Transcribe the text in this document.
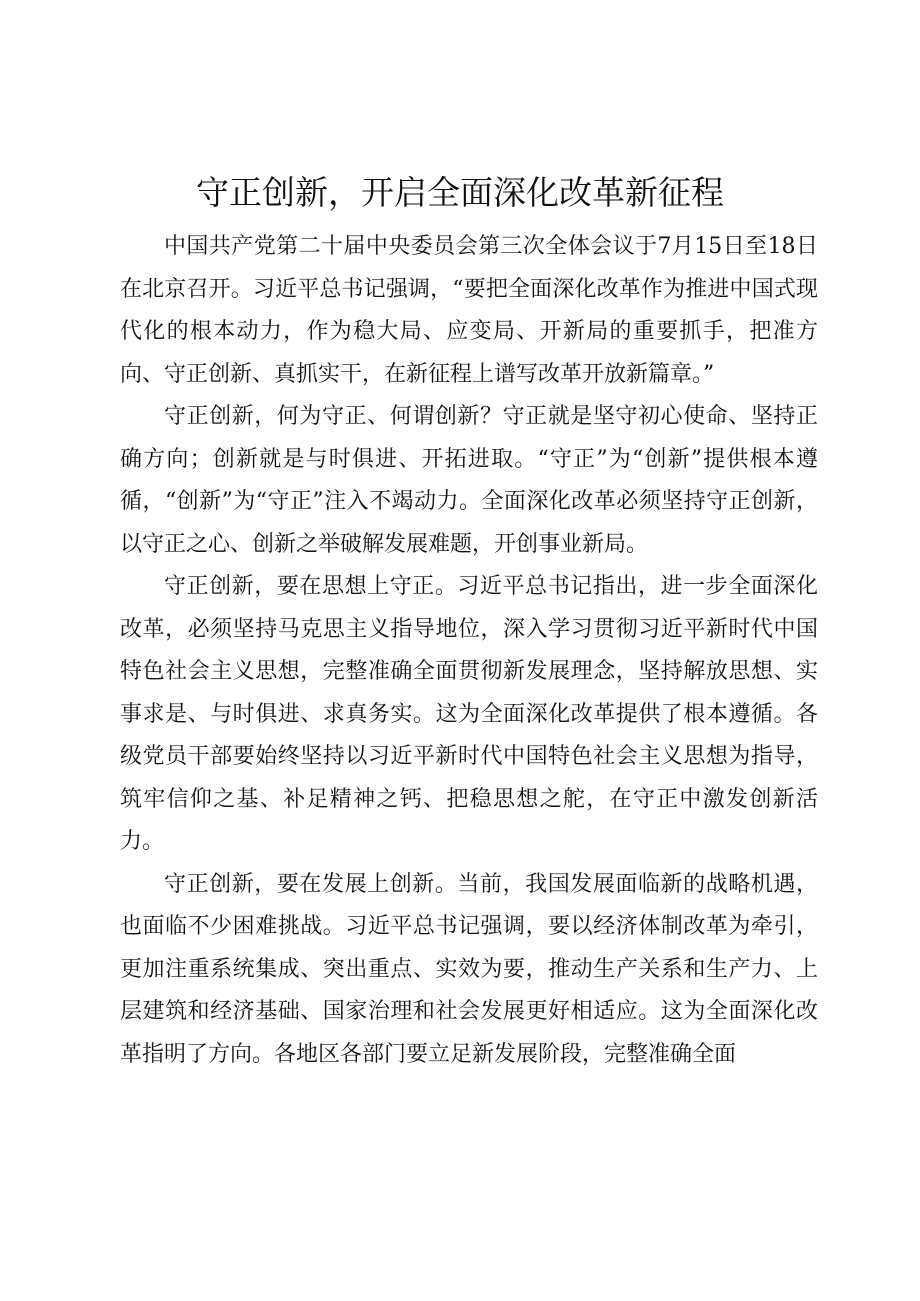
守正创新，开启全面深化改革新征程

中国共产党第二十届中央委员会第三次全体会议于7月15日至18日在北京召开。习近平总书记强调，“要把全面深化改革作为推进中国式现代化的根本动力，作为稳大局、应变局、开新局的重要抓手，把准方向、守正创新、真抓实干，在新征程上谱写改革开放新篇章。”

守正创新，何为守正、何谓创新？守正就是坚守初心使命、坚持正确方向；创新就是与时俱进、开拓进取。“守正”为“创新”提供根本遵循，“创新”为“守正”注入不竭动力。全面深化改革必须坚持守正创新，以守正之心、创新之举破解发展难题，开创事业新局。

守正创新，要在思想上守正。习近平总书记指出，进一步全面深化改革，必须坚持马克思主义指导地位，深入学习贯彻习近平新时代中国特色社会主义思想，完整准确全面贯彻新发展理念，坚持解放思想、实事求是、与时俱进、求真务实。这为全面深化改革提供了根本遵循。各级党员干部要始终坚持以习近平新时代中国特色社会主义思想为指导，筑牢信仰之基、补足精神之钙、把稳思想之舵，在守正中激发创新活力。

守正创新，要在发展上创新。当前，我国发展面临新的战略机遇，也面临不少困难挑战。习近平总书记强调，要以经济体制改革为牵引，更加注重系统集成、突出重点、实效为要，推动生产关系和生产力、上层建筑和经济基础、国家治理和社会发展更好相适应。这为全面深化改革指明了方向。各地区各部门要立足新发展阶段，完整准确全面
